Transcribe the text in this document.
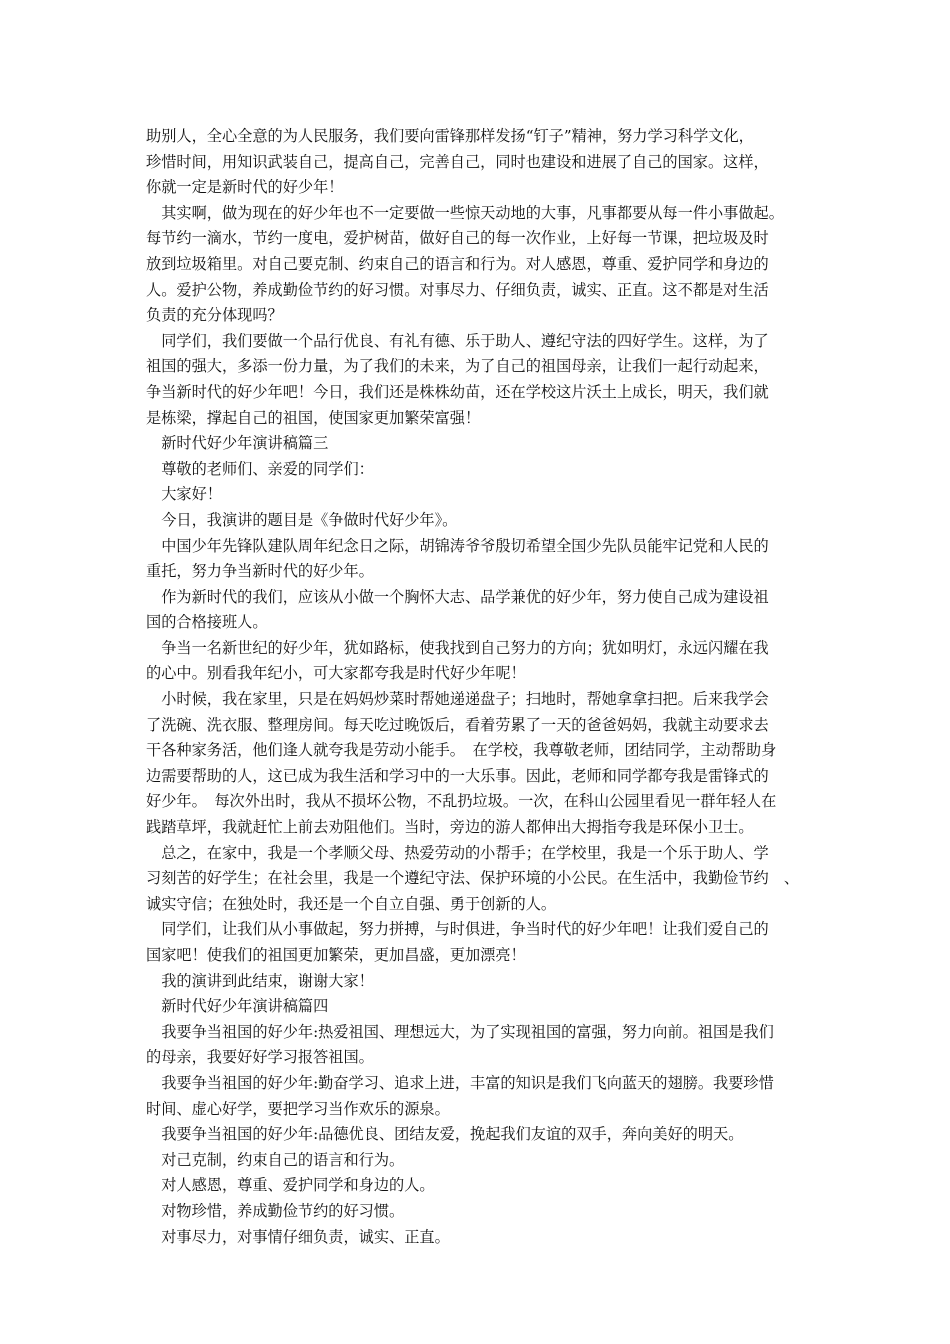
助别人，全心全意的为人民服务，我们要向雷锋那样发扬“钉子”精神，努力学习科学文化，
珍惜时间，用知识武装自己，提高自己，完善自己，同时也建设和进展了自己的国家。这样，
你就一定是新时代的好少年！
　其实啊，做为现在的好少年也不一定要做一些惊天动地的大事，凡事都要从每一件小事做起。
每节约一滴水，节约一度电，爱护树苗，做好自己的每一次作业，上好每一节课，把垃圾及时
放到垃圾箱里。对自己要克制、约束自己的语言和行为。对人感恩，尊重、爱护同学和身边的
人。爱护公物，养成勤俭节约的好习惯。对事尽力、仔细负责，诚实、正直。这不都是对生活
负责的充分体现吗？
　同学们，我们要做一个品行优良、有礼有德、乐于助人、遵纪守法的四好学生。这样，为了
祖国的强大，多添一份力量，为了我们的未来，为了自己的祖国母亲，让我们一起行动起来，
争当新时代的好少年吧！今日，我们还是株株幼苗，还在学校这片沃土上成长，明天，我们就
是栋梁，撑起自己的祖国，使国家更加繁荣富强！
　新时代好少年演讲稿篇三
　尊敬的老师们、亲爱的同学们：
　大家好！
　今日，我演讲的题目是《争做时代好少年》。
　中国少年先锋队建队周年纪念日之际，胡锦涛爷爷殷切希望全国少先队员能牢记党和人民的
重托，努力争当新时代的好少年。
　作为新时代的我们，应该从小做一个胸怀大志、品学兼优的好少年，努力使自己成为建设祖
国的合格接班人。
　争当一名新世纪的好少年，犹如路标，使我找到自己努力的方向；犹如明灯，永远闪耀在我
的心中。别看我年纪小，可大家都夸我是时代好少年呢！
　小时候，我在家里，只是在妈妈炒菜时帮她递递盘子；扫地时，帮她拿拿扫把。后来我学会
了洗碗、洗衣服、整理房间。每天吃过晚饭后，看着劳累了一天的爸爸妈妈，我就主动要求去
干各种家务活，他们逢人就夸我是劳动小能手。　在学校，我尊敬老师，团结同学，主动帮助身
边需要帮助的人，这已成为我生活和学习中的一大乐事。因此，老师和同学都夸我是雷锋式的
好少年。　每次外出时，我从不损坏公物，不乱扔垃圾。一次，在科山公园里看见一群年轻人在
践踏草坪，我就赶忙上前去劝阻他们。当时，旁边的游人都伸出大拇指夸我是环保小卫士。
　总之，在家中，我是一个孝顺父母、热爱劳动的小帮手；在学校里，我是一个乐于助人、学
习刻苦的好学生；在社会里，我是一个遵纪守法、保护环境的小公民。在生活中，我勤俭节约　、
诚实守信；在独处时，我还是一个自立自强、勇于创新的人。
　同学们，让我们从小事做起，努力拼搏，与时俱进，争当时代的好少年吧！让我们爱自己的
国家吧！使我们的祖国更加繁荣，更加昌盛，更加漂亮！
　我的演讲到此结束，谢谢大家！
　新时代好少年演讲稿篇四
　我要争当祖国的好少年:热爱祖国、理想远大，为了实现祖国的富强，努力向前。祖国是我们
的母亲，我要好好学习报答祖国。
　我要争当祖国的好少年:勤奋学习、追求上进，丰富的知识是我们飞向蓝天的翅膀。我要珍惜
时间、虚心好学，要把学习当作欢乐的源泉。
　我要争当祖国的好少年:品德优良、团结友爱，挽起我们友谊的双手，奔向美好的明天。
　对己克制，约束自己的语言和行为。
　对人感恩，尊重、爱护同学和身边的人。
　对物珍惜，养成勤俭节约的好习惯。
　对事尽力，对事情仔细负责，诚实、正直。
